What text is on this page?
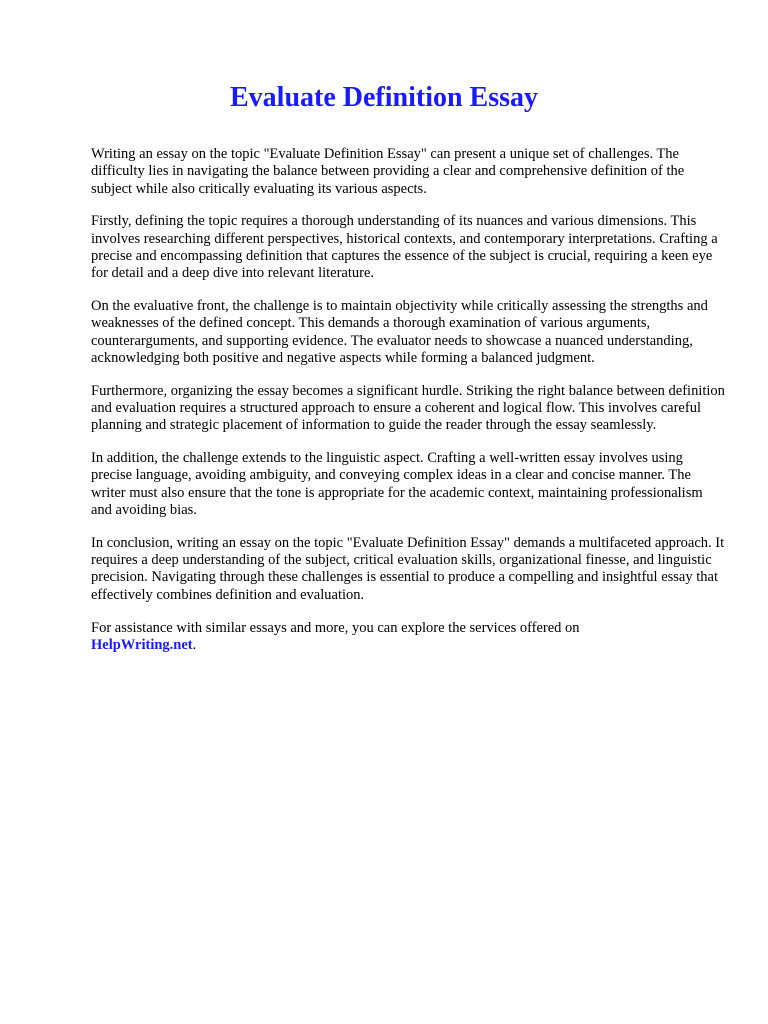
Evaluate Definition Essay

Writing an essay on the topic "Evaluate Definition Essay" can present a unique set of challenges. The difficulty lies in navigating the balance between providing a clear and comprehensive definition of the subject while also critically evaluating its various aspects.

Firstly, defining the topic requires a thorough understanding of its nuances and various dimensions. This involves researching different perspectives, historical contexts, and contemporary interpretations. Crafting a precise and encompassing definition that captures the essence of the subject is crucial, requiring a keen eye for detail and a deep dive into relevant literature.

On the evaluative front, the challenge is to maintain objectivity while critically assessing the strengths and weaknesses of the defined concept. This demands a thorough examination of various arguments, counterarguments, and supporting evidence. The evaluator needs to showcase a nuanced understanding, acknowledging both positive and negative aspects while forming a balanced judgment.

Furthermore, organizing the essay becomes a significant hurdle. Striking the right balance between definition and evaluation requires a structured approach to ensure a coherent and logical flow. This involves careful planning and strategic placement of information to guide the reader through the essay seamlessly.

In addition, the challenge extends to the linguistic aspect. Crafting a well-written essay involves using precise language, avoiding ambiguity, and conveying complex ideas in a clear and concise manner. The writer must also ensure that the tone is appropriate for the academic context, maintaining professionalism and avoiding bias.

In conclusion, writing an essay on the topic "Evaluate Definition Essay" demands a multifaceted approach. It requires a deep understanding of the subject, critical evaluation skills, organizational finesse, and linguistic precision. Navigating through these challenges is essential to produce a compelling and insightful essay that effectively combines definition and evaluation.

For assistance with similar essays and more, you can explore the services offered on
HelpWriting.net.
